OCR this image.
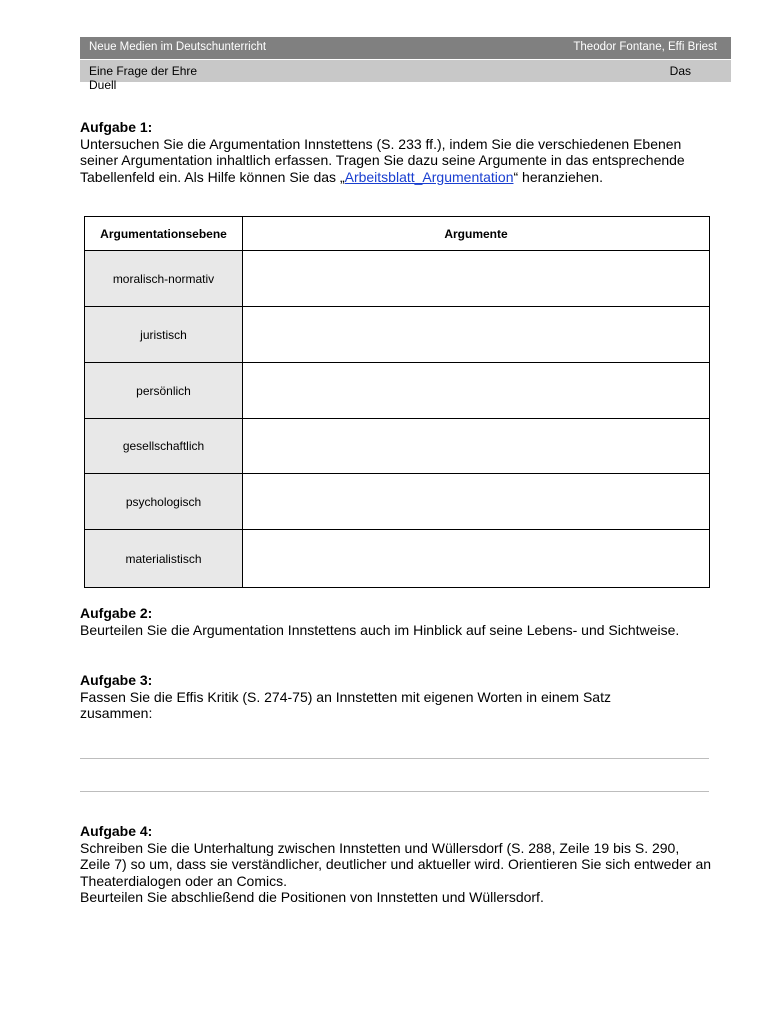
Neue Medien im Deutschunterricht	Theodor Fontane, Effi Briest
Eine Frage der Ehre	Das
Duell
Aufgabe 1:

Untersuchen Sie die Argumentation Innstettens (S. 233 ff.), indem Sie die verschiedenen Ebenen seiner Argumentation inhaltlich erfassen. Tragen Sie dazu seine Argumente in das entsprechende Tabellenfeld ein. Als Hilfe können Sie das „Arbeitsblatt_Argumentation“ heranziehen.

Argumentationsebene	Argumente
moralisch-normativ	
juristisch	
persönlich	
gesellschaftlich	
psychologisch	
materialistisch	
Aufgabe 2:

Beurteilen Sie die Argumentation Innstettens auch im Hinblick auf seine Lebens- und Sichtweise.

Aufgabe 3:

Fassen Sie die Effis Kritik (S. 274-75) an Innstetten mit eigenen Worten in einem Satz zusammen:

Aufgabe 4:

Schreiben Sie die Unterhaltung zwischen Innstetten und Wüllersdorf (S. 288, Zeile 19 bis S. 290, Zeile 7) so um, dass sie verständlicher, deutlicher und aktueller wird. Orientieren Sie sich entweder an Theaterdialogen oder an Comics.

Beurteilen Sie abschließend die Positionen von Innstetten und Wüllersdorf.
